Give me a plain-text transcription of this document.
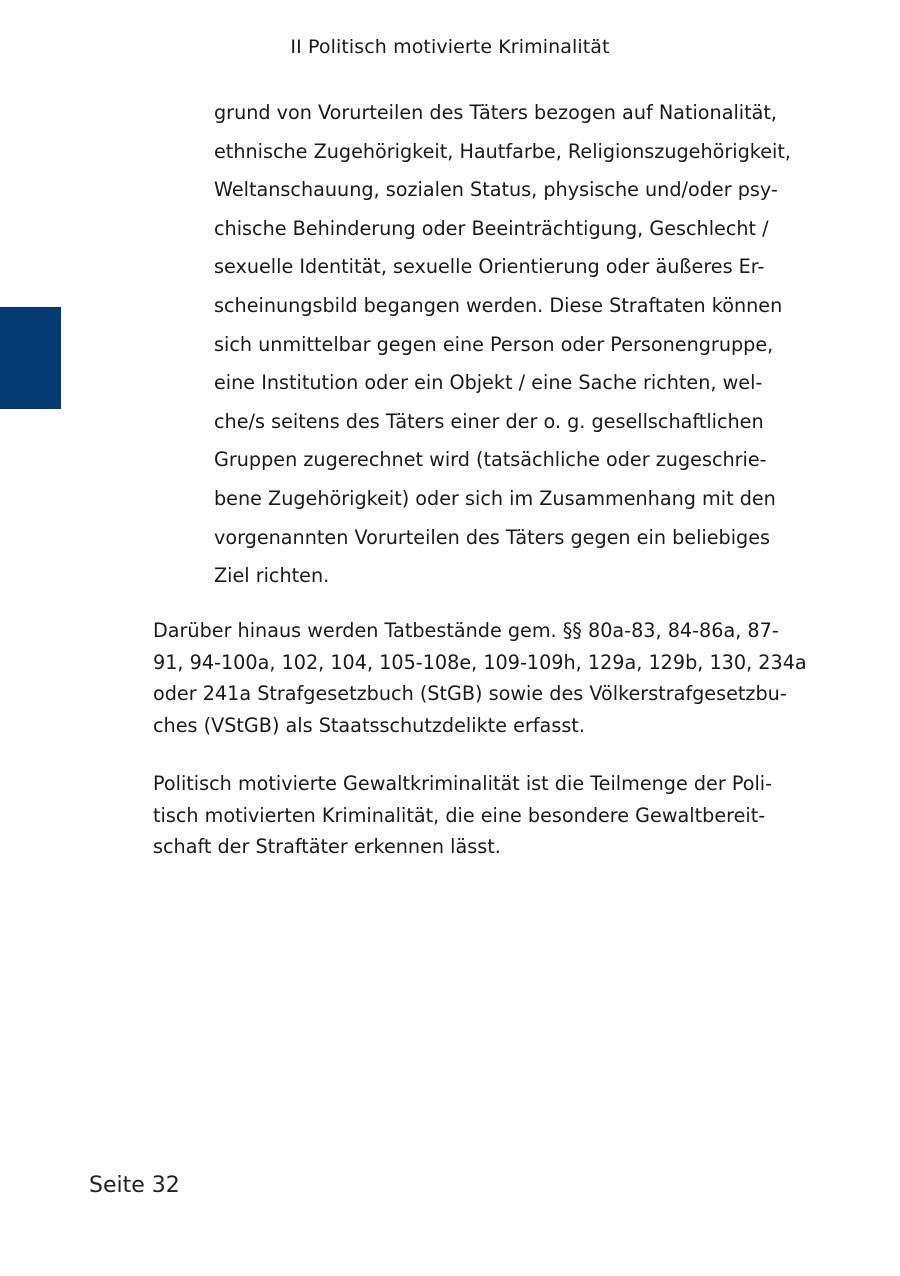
II Politisch motivierte Kriminalität
grund von Vorurteilen des Täters bezogen auf Nationalität,
ethnische Zugehörigkeit, Hautfarbe, Religionszugehörigkeit,
Weltanschauung, sozialen Status, physische und/oder psy-
chische Behinderung oder Beeinträchtigung, Geschlecht /
sexuelle Identität, sexuelle Orientierung oder äußeres Er-
scheinungsbild begangen werden. Diese Straftaten können
sich unmittelbar gegen eine Person oder Personengruppe,
eine Institution oder ein Objekt / eine Sache richten, wel-
che/s seitens des Täters einer der o. g. gesellschaftlichen
Gruppen zugerechnet wird (tatsächliche oder zugeschrie-
bene Zugehörigkeit) oder sich im Zusammenhang mit den
vorgenannten Vorurteilen des Täters gegen ein beliebiges
Ziel richten.
Darüber hinaus werden Tatbestände gem. §§ 80a-83, 84-86a, 87-
91, 94-100a, 102, 104, 105-108e, 109-109h, 129a, 129b, 130, 234a
oder 241a Strafgesetzbuch (StGB) sowie des Völkerstrafgesetzbu-
ches (VStGB) als Staatsschutzdelikte erfasst.
Politisch motivierte Gewaltkriminalität ist die Teilmenge der Poli-
tisch motivierten Kriminalität, die eine besondere Gewaltbereit-
schaft der Straftäter erkennen lässt.
Seite 32
